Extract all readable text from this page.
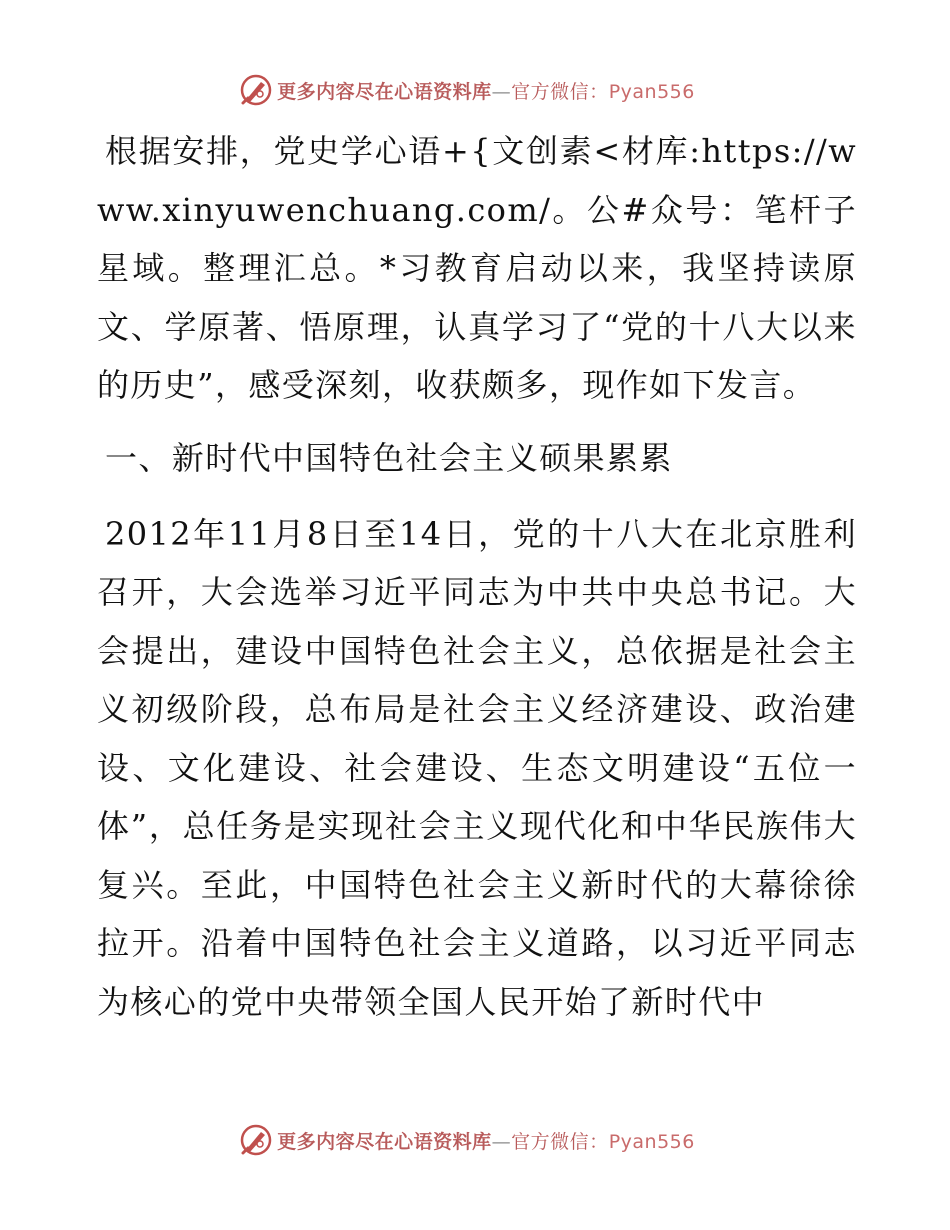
更多内容尽在心语资料库—官方微信：Pyan556

根据安排，党史学心语+{文创素<材库:https://www.xinyuwenchuang.com/。公#众号：笔杆子星域。整理汇总。*习教育启动以来，我坚持读原文、学原著、悟原理，认真学习了“党的十八大以来的历史”，感受深刻，收获颇多，现作如下发言。

一、新时代中国特色社会主义硕果累累

2012年11月8日至14日，党的十八大在北京胜利召开，大会选举习近平同志为中共中央总书记。大会提出，建设中国特色社会主义，总依据是社会主义初级阶段，总布局是社会主义经济建设、政治建设、文化建设、社会建设、生态文明建设“五位一体”，总任务是实现社会主义现代化和中华民族伟大复兴。至此，中国特色社会主义新时代的大幕徐徐拉开。沿着中国特色社会主义道路，以习近平同志为核心的党中央带领全国人民开始了新时代中

更多内容尽在心语资料库—官方微信：Pyan556
